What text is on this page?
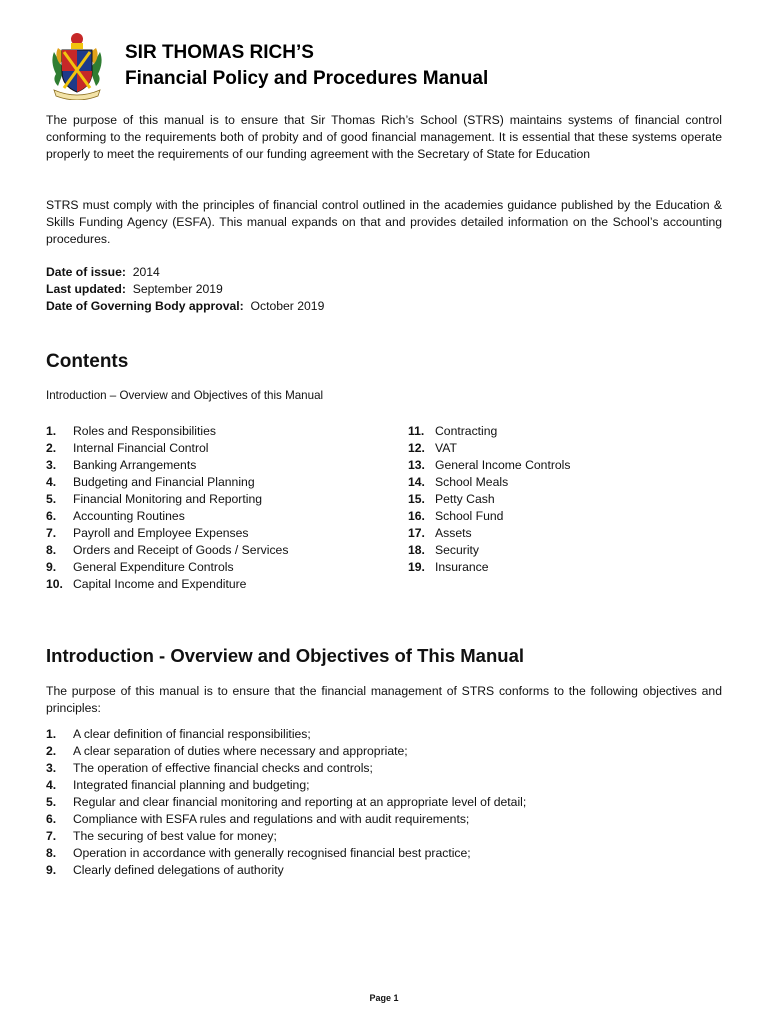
SIR THOMAS RICH’S
Financial Policy and Procedures Manual

The purpose of this manual is to ensure that Sir Thomas Rich’s School (STRS) maintains systems of financial control conforming to the requirements both of probity and of good financial management. It is essential that these systems operate properly to meet the requirements of our funding agreement with the Secretary of State for Education

STRS must comply with the principles of financial control outlined in the academies guidance published by the Education & Skills Funding Agency (ESFA). This manual expands on that and provides detailed information on the School’s accounting procedures.

Date of issue: 2014
Last updated: September 2019
Date of Governing Body approval: October 2019
Contents
Introduction – Overview and Objectives of this Manual
1. Roles and Responsibilities
2. Internal Financial Control
3. Banking Arrangements
4. Budgeting and Financial Planning
5. Financial Monitoring and Reporting
6. Accounting Routines
7. Payroll and Employee Expenses
8. Orders and Receipt of Goods / Services
9. General Expenditure Controls
10. Capital Income and Expenditure
11. Contracting
12. VAT
13. General Income Controls
14. School Meals
15. Petty Cash
16. School Fund
17. Assets
18. Security
19. Insurance
Introduction - Overview and Objectives of This Manual

The purpose of this manual is to ensure that the financial management of STRS conforms to the following objectives and principles:

1. A clear definition of financial responsibilities;
2. A clear separation of duties where necessary and appropriate;
3. The operation of effective financial checks and controls;
4. Integrated financial planning and budgeting;
5. Regular and clear financial monitoring and reporting at an appropriate level of detail;
6. Compliance with ESFA rules and regulations and with audit requirements;
7. The securing of best value for money;
8. Operation in accordance with generally recognised financial best practice;
9. Clearly defined delegations of authority
Page 1
